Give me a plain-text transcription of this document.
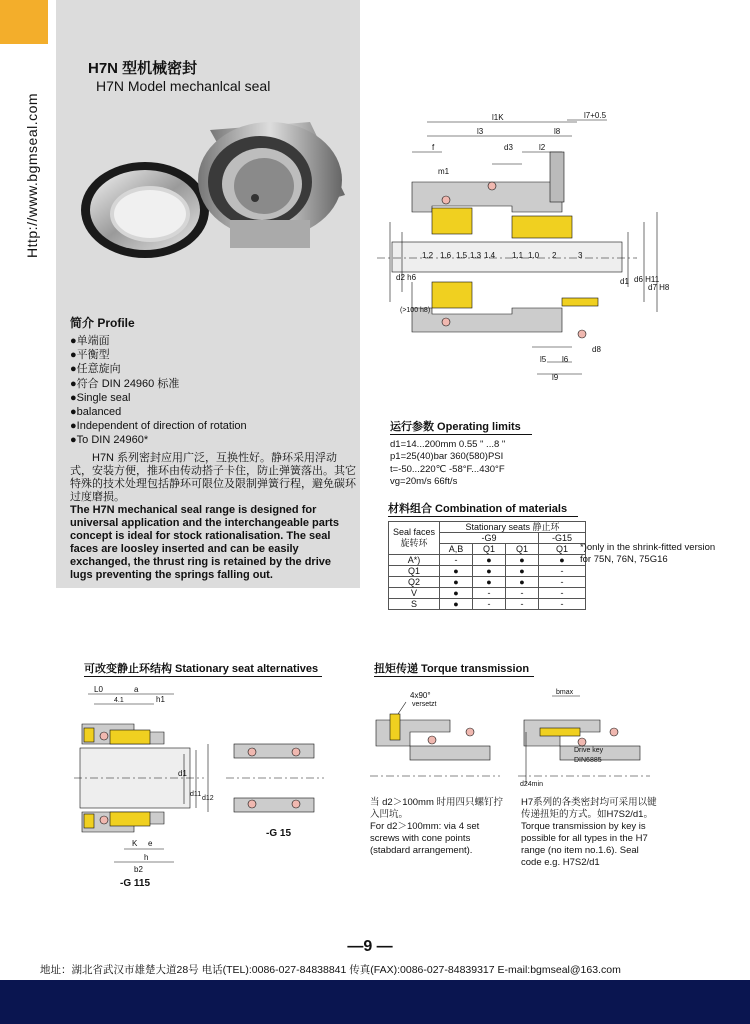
Http://www.bgmseal.com
H7N 型机械密封
H7N Model mechanlcal seal
简介 Profile
●单端面
●平衡型
●任意旋向
●符合 DIN 24960 标准
●Single seal
●balanced
●Independent of direction of rotation
●To DIN 24960*
H7N 系列密封应用广泛，互换性好。静环采用浮动式，安装方便，推环由传动搭子卡住，防止弹簧落出。其它特殊的技术处理包括静环可限位及限制弹簧行程，避免碳环过度磨损。
The H7N mechanical seal range is designed for universal application and the interchangeable parts concept is ideal for stock rationalisation. The seal faces are loosley inserted and can be easily exchanged, the thrust ring is retained by the drive lugs preventing the springs falling out.
l1K	l7+0.5
l3	l8
f	d3	l2
m1
d6 H11
d7 H8
l5 l6
d8
l9
d2 h6	d1
(>100 h8)
1.2 1.6 1.5 1.3 1.4 1.1 1.0 2	3
运行参数 Operating limits
d1=14...200mm 0.55 " ...8 "
p1=25(40)bar 360(580)PSI
t=-50...220℃ -58°F...430°F
vg=20m/s 66ft/s
材料组合 Combination of materials
Seal faces 旋转环	Stationary seats 静止环			
	-G9			-G15
	A,B	Q1	Q1	Q1
A*)	-	●	●	●
Q1	●	●	●	-
Q2	●	●	●	-
V	●	-	-	-
S	●	-	-	-
*)only in the shrink-fitted version for 75N, 76N, 75G16
可改变静止环结构 Stationary seat alternatives
L0	a
4.1	h1
d1
d11
d12
K e
b2
h
-G 115
-G 15
扭矩传递 Torque transmission
4x90°
versetzt
bmax
Drive key
DIN6885
d24min
当 d2＞100mm 时用四只螺钉拧入凹坑。
For d2＞100mm: via 4 set screws with cone points (stabdard arrangement).
H7系列的各类密封均可采用以键传递扭矩的方式。如H7S2/d1。
Torque transmission by key is possible for all types in the H7 range (no item no.1.6). Seal code e.g. H7S2/d1
—9 —
地址：湖北省武汉市雄楚大道28号 电话(TEL):0086-027-84838841 传真(FAX):0086-027-84839317 E-mail:bgmseal@163.com
